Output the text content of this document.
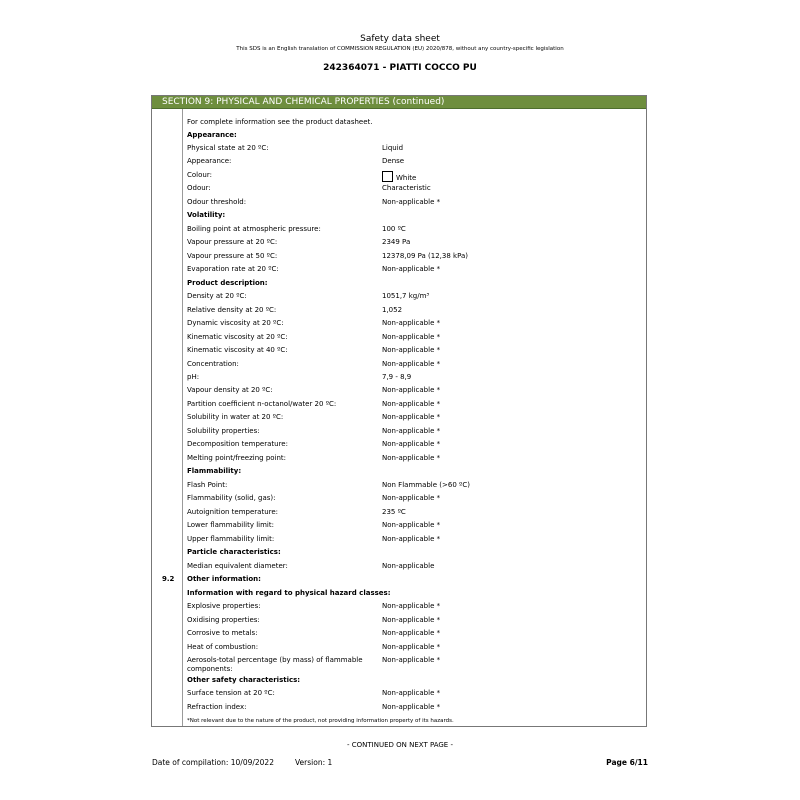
Safety data sheet
This SDS is an English translation of COMMISSION REGULATION (EU) 2020/878, without any country-specific legislation
242364071 - PIATTI COCCO PU
SECTION 9: PHYSICAL AND CHEMICAL PROPERTIES (continued)
For complete information see the product datasheet.
Appearance:
Physical state at 20 ºC:	Liquid
Appearance:	Dense
Colour:	White
Odour:	Characteristic
Odour threshold:	Non-applicable *
Volatility:
Boiling point at atmospheric pressure:	100 ºC
Vapour pressure at 20 ºC:	2349 Pa
Vapour pressure at 50 ºC:	12378,09 Pa (12,38 kPa)
Evaporation rate at 20 ºC:	Non-applicable *
Product description:
Density at 20 ºC:	1051,7 kg/m³
Relative density at 20 ºC:	1,052
Dynamic viscosity at 20 ºC:	Non-applicable *
Kinematic viscosity at 20 ºC:	Non-applicable *
Kinematic viscosity at 40 ºC:	Non-applicable *
Concentration:	Non-applicable *
pH:	7,9 - 8,9
Vapour density at 20 ºC:	Non-applicable *
Partition coefficient n-octanol/water 20 ºC:	Non-applicable *
Solubility in water at 20 ºC:	Non-applicable *
Solubility properties:	Non-applicable *
Decomposition temperature:	Non-applicable *
Melting point/freezing point:	Non-applicable *
Flammability:
Flash Point:	Non Flammable (>60 ºC)
Flammability (solid, gas):	Non-applicable *
Autoignition temperature:	235 ºC
Lower flammability limit:	Non-applicable *
Upper flammability limit:	Non-applicable *
Particle characteristics:
Median equivalent diameter:	Non-applicable
9.2 Other information:
Information with regard to physical hazard classes:
Explosive properties:	Non-applicable *
Oxidising properties:	Non-applicable *
Corrosive to metals:	Non-applicable *
Heat of combustion:	Non-applicable *
Aerosols-total percentage (by mass) of flammable components:
Non-applicable *
Other safety characteristics:
Surface tension at 20 ºC:	Non-applicable *
Refraction index:	Non-applicable *
*Not relevant due to the nature of the product, not providing information property of its hazards.
- CONTINUED ON NEXT PAGE -
Date of compilation: 10/09/2022	Version: 1	Page 6/11
